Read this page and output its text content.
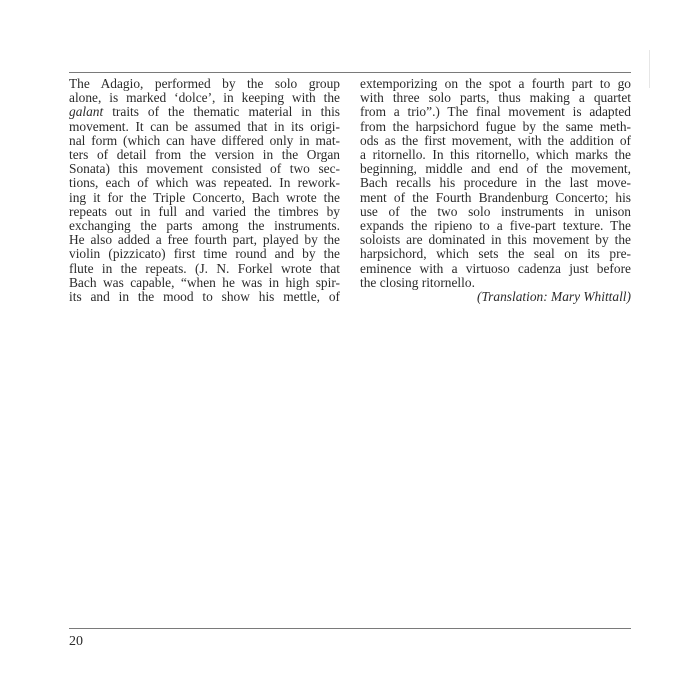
The Adagio, performed by the solo group
alone, is marked ‘dolce’, in keeping with the
galant traits of the thematic material in this
movement. It can be assumed that in its origi-
nal form (which can have differed only in mat-
ters of detail from the version in the Organ
Sonata) this movement consisted of two sec-
tions, each of which was repeated. In rework-
ing it for the Triple Concerto, Bach wrote the
repeats out in full and varied the timbres by
exchanging the parts among the instruments.
He also added a free fourth part, played by the
violin (pizzicato) first time round and by the
flute in the repeats. (J. N. Forkel wrote that
Bach was capable, “when he was in high spir-
its and in the mood to show his mettle, of
extemporizing on the spot a fourth part to go
with three solo parts, thus making a quartet
from a trio”.) The final movement is adapted
from the harpsichord fugue by the same meth-
ods as the first movement, with the addition of
a ritornello. In this ritornello, which marks the
beginning, middle and end of the movement,
Bach recalls his procedure in the last move-
ment of the Fourth Brandenburg Concerto; his
use of the two solo instruments in unison
expands the ripieno to a five-part texture. The
soloists are dominated in this movement by the
harpsichord, which sets the seal on its pre-
eminence with a virtuoso cadenza just before
the closing ritornello.
(Translation: Mary Whittall)
20
